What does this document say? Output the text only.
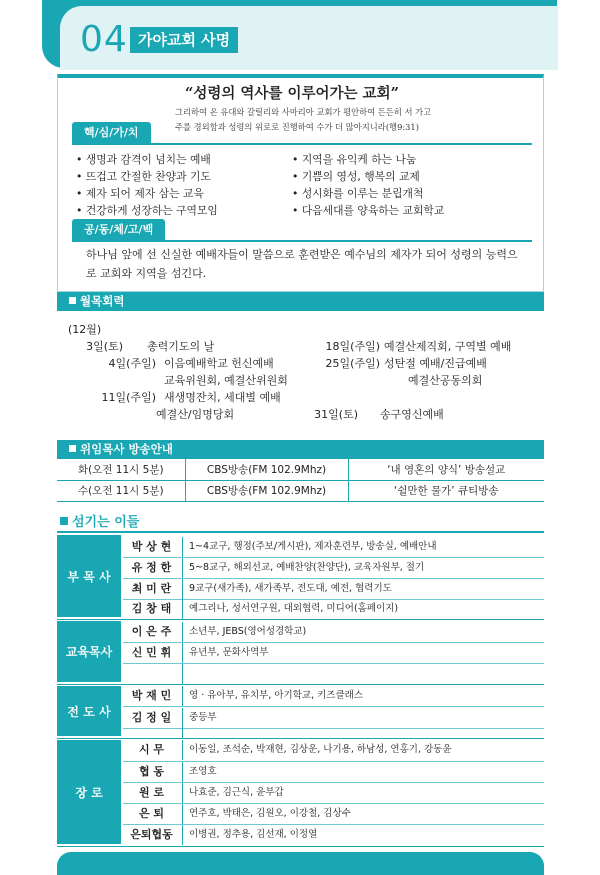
04 가야교회 사명
“성령의 역사를 이루어가는 교회”
그리하여 온 유대와 갈릴리와 사마리아 교회가 평안하여 든든히 서 가고
주를 경외함과 성령의 위로로 진행하여 수가 더 많아지니라(행9:31)
핵/심/가/치
• 생명과 감격이 넘치는 예배
• 뜨겁고 간절한 찬양과 기도
• 제자 되어 제자 삼는 교육
• 건강하게 성장하는 구역모임
• 지역을 유익케 하는 나눔
• 기쁨의 영성, 행복의 교제
• 성시화를 이루는 분립개척
• 다음세대를 양육하는 교회학교
공/동/체/고/백
하나님 앞에 선 신실한 예배자들이 말씀으로 훈련받은 예수님의 제자가 되어 성령의 능력으로 교회와 지역을 섬긴다.
월목회력
(12월)
3일(토)	총력기도의 날
4일(주일) 이음예배학교 헌신예배
교육위원회, 예결산위원회
11일(주일) 새생명잔치, 세대별 예배
예결산/임명당회
18일(주일) 예결산제직회, 구역별 예배
25일(주일) 성탄절 예배/진급예배
예결산공동의회
31일(토)	송구영신예배
위임목사 방송안내
화(오전 11시 5분)	CBS방송(FM 102.9Mhz)	‘내 영혼의 양식’ 방송설교
수(오전 11시 5분)	CBS방송(FM 102.9Mhz)	‘쉴만한 물가’ 큐티방송
섬기는 이들
부 목 사
박 상 현	1~4교구, 행정(주보/게시판), 제자훈련부, 방송실, 예배안내
유 정 한	5~8교구, 해외선교, 예배찬양(찬양단), 교육자원부, 절기
최 미 란	9교구(새가족), 새가족부, 전도대, 예전, 협력기도
김 창 태	예그리나, 성서연구원, 대외협력, 미디어(홈페이지)
교육목사
이 은 주	소년부, JEBS(영어성경학교)
신 민 휘	유년부, 문화사역부
전 도 사
박 재 민	영 · 유아부, 유치부, 아기학교, 키즈클래스
김 정 일	중등부
장 로
시 무	이동일, 조석순, 박재현, 김상운, 나기용, 하남성, 연홍기, 강동윤
협 동	조영호
원 로	나효준, 김근식, 윤부갑
은 퇴	연주호, 박태은, 김원오, 이강철, 김상수
은퇴협동	이병권, 정추용, 김선재, 이정열
